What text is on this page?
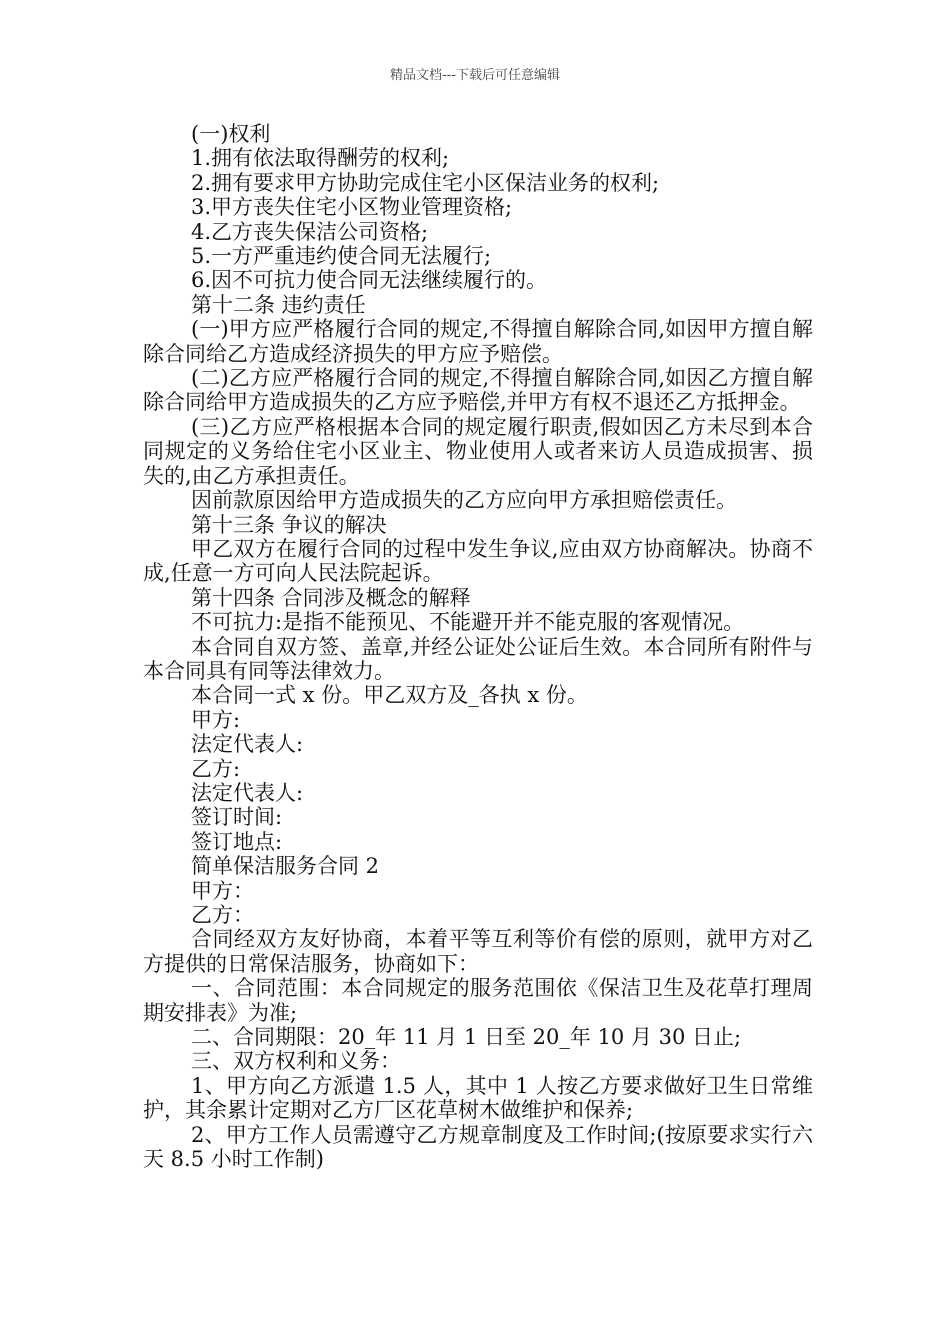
精品文档---下载后可任意编辑

(一)权利

1.拥有依法取得酬劳的权利;

2.拥有要求甲方协助完成住宅小区保洁业务的权利;

3.甲方丧失住宅小区物业管理资格;

4.乙方丧失保洁公司资格;

5.一方严重违约使合同无法履行;

6.因不可抗力使合同无法继续履行的。

第十二条 违约责任

(一)甲方应严格履行合同的规定,不得擅自解除合同,如因甲方擅自解除合同给乙方造成经济损失的甲方应予赔偿。

(二)乙方应严格履行合同的规定,不得擅自解除合同,如因乙方擅自解除合同给甲方造成损失的乙方应予赔偿,并甲方有权不退还乙方抵押金。

(三)乙方应严格根据本合同的规定履行职责,假如因乙方未尽到本合同规定的义务给住宅小区业主、物业使用人或者来访人员造成损害、损失的,由乙方承担责任。

因前款原因给甲方造成损失的乙方应向甲方承担赔偿责任。

第十三条 争议的解决

甲乙双方在履行合同的过程中发生争议,应由双方协商解决。协商不成,任意一方可向人民法院起诉。

第十四条 合同涉及概念的解释

不可抗力:是指不能预见、不能避开并不能克服的客观情况。

本合同自双方签、盖章,并经公证处公证后生效。本合同所有附件与本合同具有同等法律效力。

本合同一式 x 份。甲乙双方及_各执 x 份。

甲方:

法定代表人:

乙方:

法定代表人:

签订时间:

签订地点:

简单保洁服务合同 2

甲方：

乙方：

合同经双方友好协商，本着平等互利等价有偿的原则，就甲方对乙方提供的日常保洁服务，协商如下：

一、合同范围：本合同规定的服务范围依《保洁卫生及花草打理周期安排表》为准;

二、合同期限：20_年 11 月 1 日至 20_年 10 月 30 日止;

三、双方权利和义务：

1、甲方向乙方派遣 1.5 人，其中 1 人按乙方要求做好卫生日常维护，其余累计定期对乙方厂区花草树木做维护和保养;

2、甲方工作人员需遵守乙方规章制度及工作时间;(按原要求实行六天 8.5 小时工作制)
